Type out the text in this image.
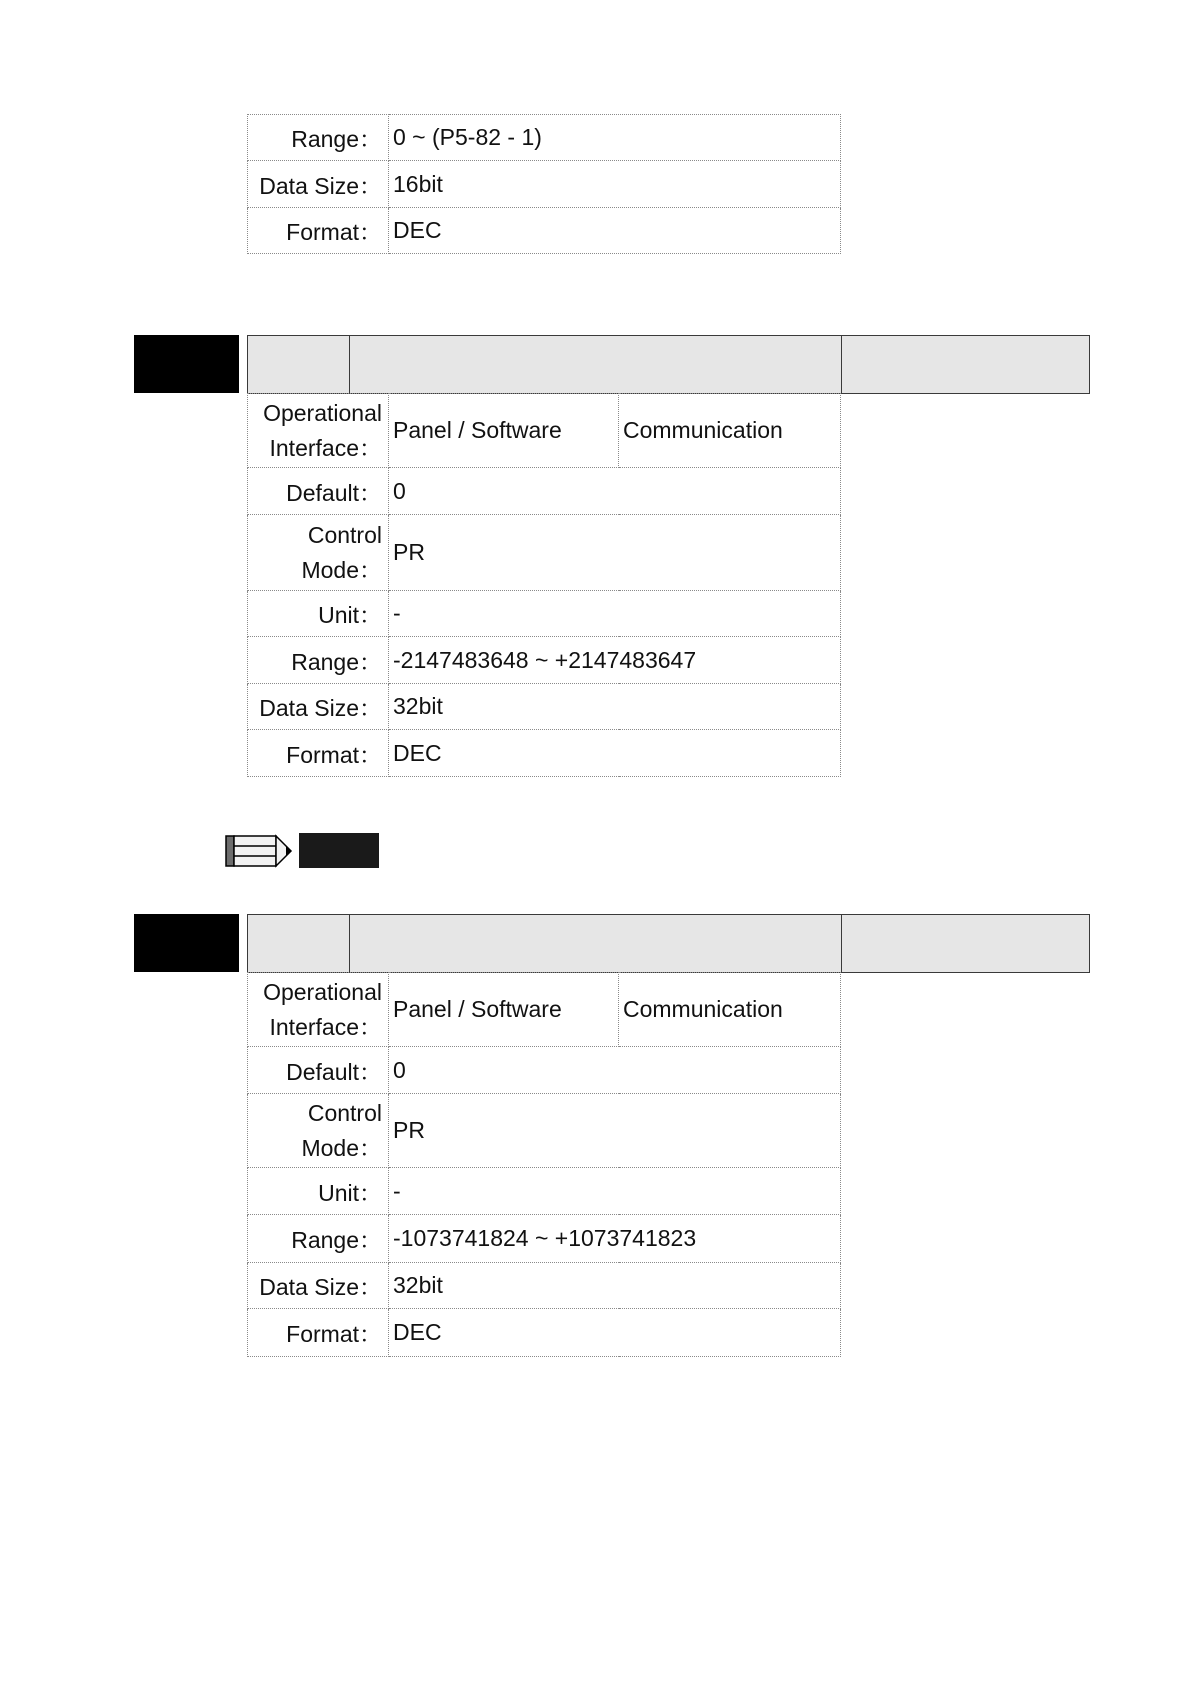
Range：	0 ~ (P5-82 - 1)
Data Size：	16bit
Format：	DEC
Operational
Interface：	Panel / Software	Communication
Default：	0	

Control
Mode：	PR	
Unit：	-	
Range：	-2147483648 ~ +2147483647	
Data Size：	32bit	
Format：	DEC	
Operational
Interface：	Panel / Software	Communication
Default：	0	

Control
Mode：	PR	
Unit：	-	
Range：	-1073741824 ~ +1073741823	
Data Size：	32bit	
Format：	DEC	
